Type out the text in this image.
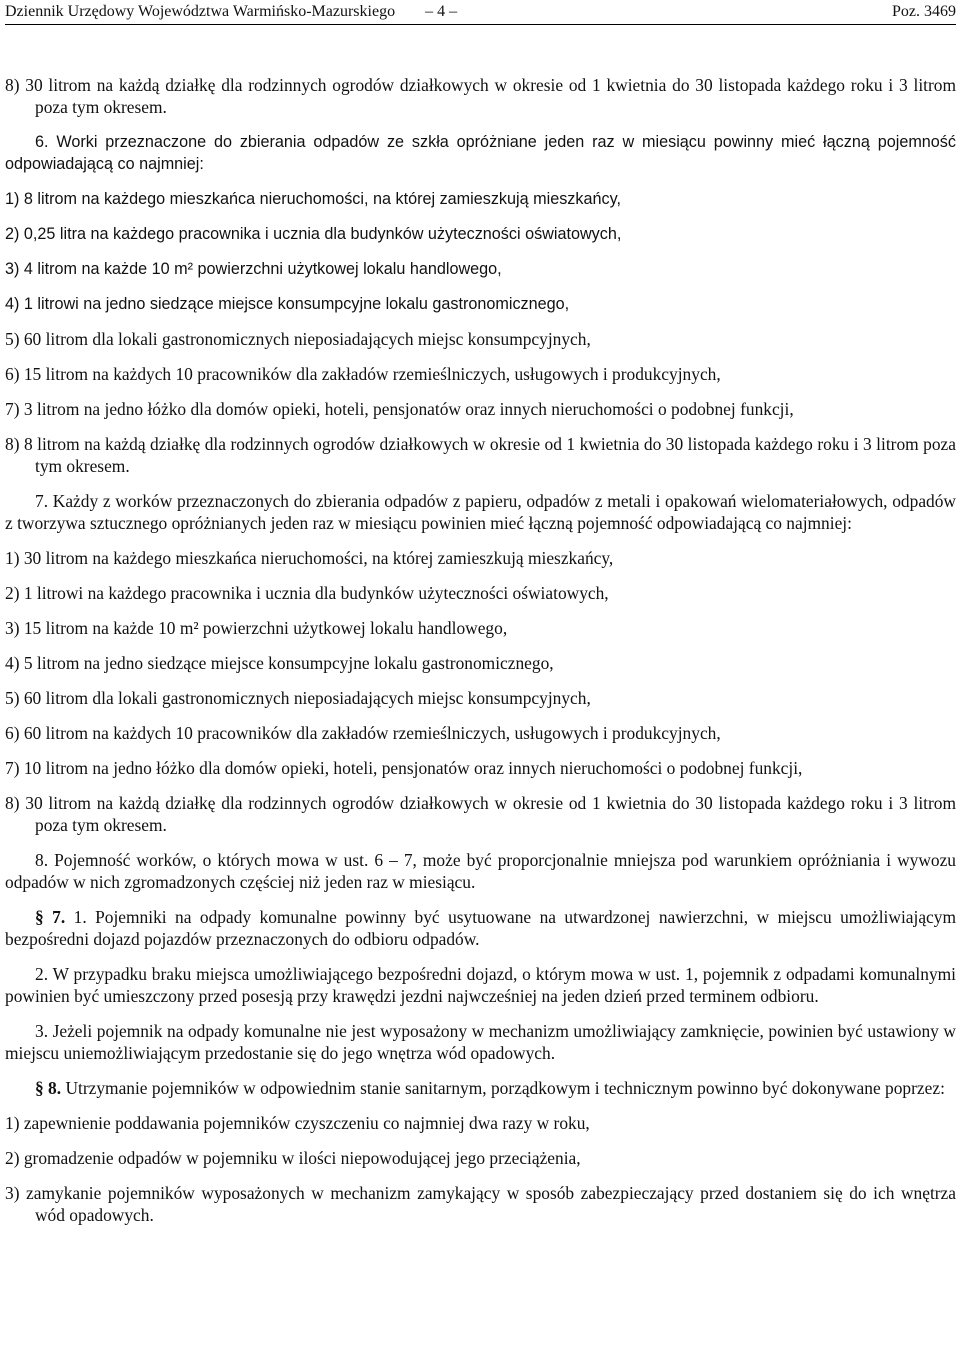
Dziennik Urzędowy Województwa Warmińsko-Mazurskiego – 4 –	Poz. 3469

8) 30 litrom na każdą działkę dla rodzinnych ogrodów działkowych w okresie od 1 kwietnia do 30 listopada każdego roku i 3 litrom poza tym okresem.

6. Worki przeznaczone do zbierania odpadów ze szkła opróżniane jeden raz w miesiącu powinny mieć łączną pojemność odpowiadającą co najmniej:

1) 8 litrom na każdego mieszkańca nieruchomości, na której zamieszkują mieszkańcy,

2) 0,25 litra na każdego pracownika i ucznia dla budynków użyteczności oświatowych,

3) 4 litrom na każde 10 m² powierzchni użytkowej lokalu handlowego,

4) 1 litrowi na jedno siedzące miejsce konsumpcyjne lokalu gastronomicznego,

5) 60 litrom dla lokali gastronomicznych nieposiadających miejsc konsumpcyjnych,

6) 15 litrom na każdych 10 pracowników dla zakładów rzemieślniczych, usługowych i produkcyjnych,

7) 3 litrom na jedno łóżko dla domów opieki, hoteli, pensjonatów oraz innych nieruchomości o podobnej funkcji,

8) 8 litrom na każdą działkę dla rodzinnych ogrodów działkowych w okresie od 1 kwietnia do 30 listopada każdego roku i 3 litrom poza tym okresem.

7. Każdy z worków przeznaczonych do zbierania odpadów z papieru, odpadów z metali i opakowań wielomateriałowych, odpadów z tworzywa sztucznego opróżnianych jeden raz w miesiącu powinien mieć łączną pojemność odpowiadającą co najmniej:

1) 30 litrom na każdego mieszkańca nieruchomości, na której zamieszkują mieszkańcy,

2) 1 litrowi na każdego pracownika i ucznia dla budynków użyteczności oświatowych,

3) 15 litrom na każde 10 m² powierzchni użytkowej lokalu handlowego,

4) 5 litrom na jedno siedzące miejsce konsumpcyjne lokalu gastronomicznego,

5) 60 litrom dla lokali gastronomicznych nieposiadających miejsc konsumpcyjnych,

6) 60 litrom na każdych 10 pracowników dla zakładów rzemieślniczych, usługowych i produkcyjnych,

7) 10 litrom na jedno łóżko dla domów opieki, hoteli, pensjonatów oraz innych nieruchomości o podobnej funkcji,

8) 30 litrom na każdą działkę dla rodzinnych ogrodów działkowych w okresie od 1 kwietnia do 30 listopada każdego roku i 3 litrom poza tym okresem.

8. Pojemność worków, o których mowa w ust. 6 – 7, może być proporcjonalnie mniejsza pod warunkiem opróżniania i wywozu odpadów w nich zgromadzonych częściej niż jeden raz w miesiącu.

§ 7. 1. Pojemniki na odpady komunalne powinny być usytuowane na utwardzonej nawierzchni, w miejscu umożliwiającym bezpośredni dojazd pojazdów przeznaczonych do odbioru odpadów.

2. W przypadku braku miejsca umożliwiającego bezpośredni dojazd, o którym mowa w ust. 1, pojemnik z odpadami komunalnymi powinien być umieszczony przed posesją przy krawędzi jezdni najwcześniej na jeden dzień przed terminem odbioru.

3. Jeżeli pojemnik na odpady komunalne nie jest wyposażony w mechanizm umożliwiający zamknięcie, powinien być ustawiony w miejscu uniemożliwiającym przedostanie się do jego wnętrza wód opadowych.

§ 8. Utrzymanie pojemników w odpowiednim stanie sanitarnym, porządkowym i technicznym powinno być dokonywane poprzez:

1) zapewnienie poddawania pojemników czyszczeniu co najmniej dwa razy w roku,

2) gromadzenie odpadów w pojemniku w ilości niepowodującej jego przeciążenia,

3) zamykanie pojemników wyposażonych w mechanizm zamykający w sposób zabezpieczający przed dostaniem się do ich wnętrza wód opadowych.
